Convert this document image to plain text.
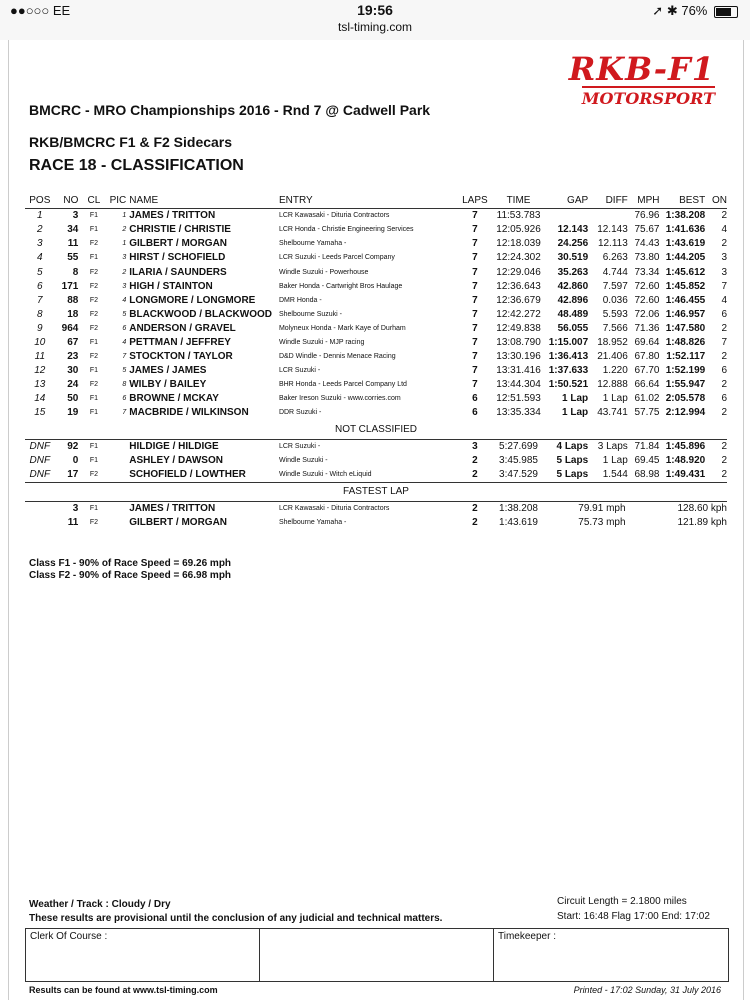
●●○○○ EE	19:56
tsl-timing.com
➚ ✱ 76%
RKB-F1
MOTORSPORT
BMCRC - MRO Championships 2016 - Rnd 7 @ Cadwell Park
RKB/BMCRC F1 & F2 Sidecars
RACE 18 - CLASSIFICATION
POS	NO	CL	PIC	NAME	ENTRY	LAPS	TIME	GAP	DIFF	MPH	BEST	ON
1	3	F1	1	JAMES / TRITTON	LCR Kawasaki - Dituria Contractors	7	11:53.783			76.96	1:38.208	2
2	34	F1	2	CHRISTIE / CHRISTIE	LCR Honda - Christie Engineering Services	7	12:05.926	12.143	12.143	75.67	1:41.636	4
3	11	F2	1	GILBERT / MORGAN	Shelbourne Yamaha -	7	12:18.039	24.256	12.113	74.43	1:43.619	2
4	55	F1	3	HIRST / SCHOFIELD	LCR Suzuki - Leeds Parcel Company	7	12:24.302	30.519	6.263	73.80	1:44.205	3
5	8	F2	2	ILARIA / SAUNDERS	Windle Suzuki - Powerhouse	7	12:29.046	35.263	4.744	73.34	1:45.612	3
6	171	F2	3	HIGH / STAINTON	Baker Honda - Cartwright Bros Haulage	7	12:36.643	42.860	7.597	72.60	1:45.852	7
7	88	F2	4	LONGMORE / LONGMORE	DMR Honda -	7	12:36.679	42.896	0.036	72.60	1:46.455	4
8	18	F2	5	BLACKWOOD / BLACKWOOD	Shelbourne Suzuki -	7	12:42.272	48.489	5.593	72.06	1:46.957	6
9	964	F2	6	ANDERSON / GRAVEL	Molyneux Honda - Mark Kaye of Durham	7	12:49.838	56.055	7.566	71.36	1:47.580	2
10	67	F1	4	PETTMAN / JEFFREY	Windle Suzuki - MJP racing	7	13:08.790	1:15.007	18.952	69.64	1:48.826	7
11	23	F2	7	STOCKTON / TAYLOR	D&D Windle - Dennis Menace Racing	7	13:30.196	1:36.413	21.406	67.80	1:52.117	2
12	30	F1	5	JAMES / JAMES	LCR Suzuki -	7	13:31.416	1:37.633	1.220	67.70	1:52.199	6
13	24	F2	8	WILBY / BAILEY	BHR Honda - Leeds Parcel Company Ltd	7	13:44.304	1:50.521	12.888	66.64	1:55.947	2
14	50	F1	6	BROWNE / MCKAY	Baker Ireson Suzuki - www.corries.com	6	12:51.593	1 Lap	1 Lap	61.02	2:05.578	6
15	19	F1	7	MACBRIDE / WILKINSON	DDR Suzuki -	6	13:35.334	1 Lap	43.741	57.75	2:12.994	2
NOT CLASSIFIED												
DNF	92	F1		HILDIGE / HILDIGE	LCR Suzuki -	3	5:27.699	4 Laps	3 Laps	71.84	1:45.896	2
DNF	0	F1		ASHLEY / DAWSON	Windle Suzuki -	2	3:45.985	5 Laps	1 Lap	69.45	1:48.920	2
DNF	17	F2		SCHOFIELD / LOWTHER	Windle Suzuki - Witch eLiquid	2	3:47.529	5 Laps	1.544	68.98	1:49.431	2
FASTEST LAP												
	3	F1		JAMES / TRITTON	LCR Kawasaki - Dituria Contractors	2	1:38.208	79.91 mph			128.60 kph	
	11	F2		GILBERT / MORGAN	Shelbourne Yamaha -	2	1:43.619	75.73 mph			121.89 kph	
Class F1 - 90% of Race Speed = 69.26 mph
Class F2 - 90% of Race Speed = 66.98 mph
Weather / Track : Cloudy / Dry
These results are provisional until the conclusion of any judicial and technical matters.
Circuit Length = 2.1800 miles
Start: 16:48 Flag 17:00 End: 17:02
Clerk Of Course :	Timekeeper :
Results can be found at www.tsl-timing.com	Printed - 17:02 Sunday, 31 July 2016
